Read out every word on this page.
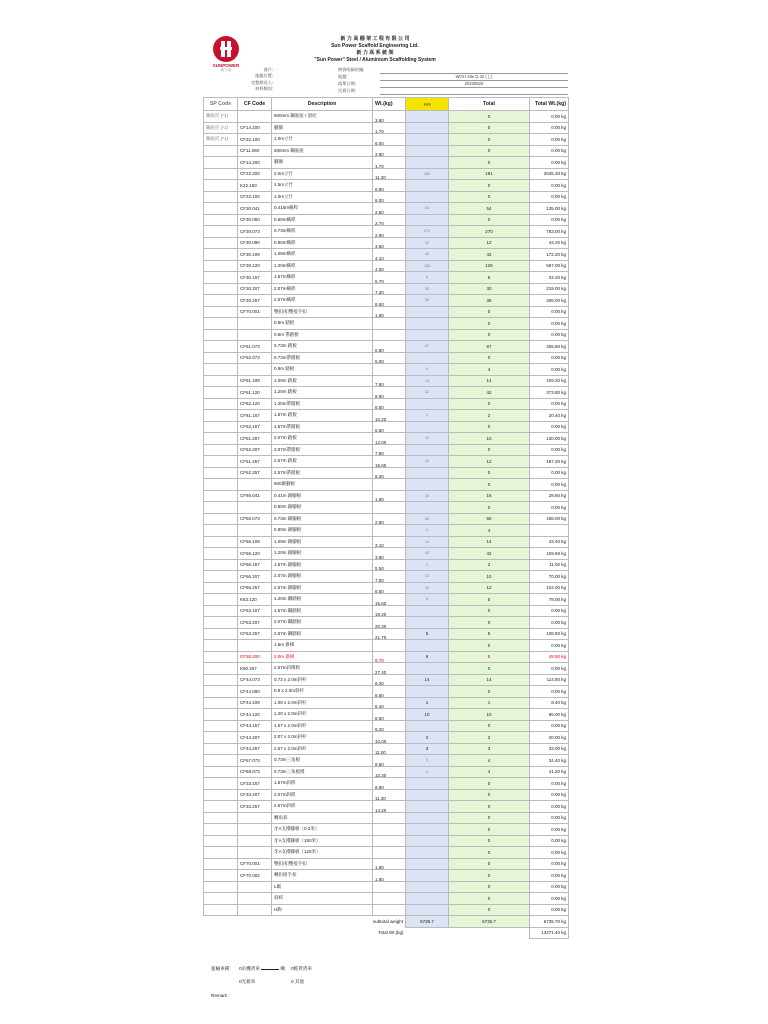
SUNPOWER
新力高
新 力 高 棚 架 工 程 有 限 公 司
Sun Power Scaffold Engineering Ltd.
新 力 高 系 統 架
"Sun Power" Steel / Aluminium Scaffolding System
客戶:
地盤位置:
完整期送入:
材料類別:
物資明細的編:
地盤:	WOH Site D 42 (上)
落單日期:	20230520
送貨日期:
SP Code	CF Code	Description	Wt.(kg)	???	Total	Total Wt.(kg)
鋼底托 (*1)		600mm 鋼底座 / 頂托	3.80		0	0.00 kg
鋼底托 (*1)	CF14.200	腳圈	1.70		0	0.00 kg
鋼底托 (*1)	CF22.100	1.0m立竹	6.00		0	0.00 kg
	CF11.060	600mm 鋼底座	3.80		0	0.00 kg
	CF14.200	腳圈	1.70		0	0.00 kg
	CF22.200	2.0m立竹	11.30	181	181	2045.30 kg
	K22.150	1.5m立竹	8.80		0	0.00 kg
	CF22.100	1.0m立竹	6.00		0	0.00 kg
	CF30.041	0.415m橫桿	2.50	54	54	135.00 kg
	CF30.060	0.60m橫桿	2.70		0	0.00 kg
	CF30.073	0.73m橫桿	2.90	270	270	783.00 kg
	CF30.090	0.90m橫桿	3.60	12	12	43.20 kg
	CF30.109	1.09m橫桿	4.10	42	42	172.20 kg
	CF30.120	1.20m橫桿	4.50	126	126	567.00 kg
	CF30.157	1.57m橫桿	5.70	6	6	34.20 kg
	CF30.207	2.07m橫桿	7.30	30	30	219.00 kg
	CF30.257	2.57m橫桿	8.50	36	36	306.00 kg
	CF70.001	雙扣/扣雙接手扣	1.80		0	0.00 kg
		0.6m 踏板			0	0.00 kg
		0.6m 帶踏板			0	0.00 kg
	CF61.073	0.73m 踏板	6.80	67	67	455.60 kg
	CF62.073	0.73m帶踏板	5.00		0	0.00 kg
		0.9m 踏板		4	4	0.00 kg
	CF61.109	1.09m 踏板	7.80	14	14	109.20 kg
	CF61.120	1.20m 踏板	8.90	42	42	373.80 kg
	CF62.120	1.20m帶踏板	8.50		0	0.00 kg
	CF61.157	1.57m 踏板	10.20	2	2	20.40 kg
	CF62.157	1.57m帶踏板	6.50		0	0.00 kg
	CF61.207	2.07m 踏板	13.00	10	10	130.00 kg
	CF62.207	2.07m帶踏板	7.90		0	0.00 kg
	CF61.257	2.57m 踏板	15.60	12	12	187.20 kg
	CF62.257	2.57m帶踏板	8.30		0	0.00 kg
		600踢腳板			0	0.00 kg
	CF66.041	0.41m 踢腳板	1.80	16	16	28.80 kg
		0.60m 踢腳板			0	0.00 kg
	CF66.073	0.73m 踢腳板	2.80	60	60	168.00 kg
		0.90m 踢腳板		4	4	
	CF66.109	1.09m 踢腳板	3.10	14	14	43.40 kg
	CF66.120	1.20m 踢腳板	3.80	42	42	159.60 kg
	CF66.157	1.57m 踢腳板	5.50	2	2	11.00 kg
	CF66.207	2.07m 踢腳板	7.00	10	10	70.00 kg
	CF66.257	2.57m 踢腳板	8.50	12	12	102.00 kg
	K63.120	1.20m 鋼踏板	15.60	5	5	78.00 kg
	CF63.157	1.57m 鋼踏板	19.20		0	0.00 kg
	CF63.207	2.07m 鋼踏板	20.30		0	0.00 kg
	CF63.257	2.57m 鋼踏板	21.70	5	5	108.50 kg
		1.6m 掛梯			0	0.00 kg
	CF58.200	2.0m 掛梯	9.70	5	5	48.50 kg
	K50.257	2.57m斜撐桿	27.40		0	0.00 kg
	CF44.073	0.73 x 2.0m斜杆	8.20	14	14	114.80 kg
	CF44.090	0.9 x 2.0m斜杆	8.60		0	0.00 kg
	CF44.109	1.09 x 2.0m斜杆	8.40	1	1	8.40 kg
	CF44.120	1.20 x 2.0m斜杆	8.50	10	10	85.00 kg
	CF44.157	1.57 x 2.0m斜杆	9.20		0	0.00 kg
	CF44.207	2.07 x 2.0m斜杆	10.00	2	2	20.00 kg
	CF44.257	2.57 x 2.0m斜杆	11.00	3	3	33.00 kg
	CF67.073	0.73m三角板	8.60	4	4	34.40 kg
	CF68.073	0.73m三角板撐	10.30	4	4	41.20 kg
	CF33.157	1.57m斜桿	8.80		0	0.00 kg
	CF33.207	2.07m斜桿	11.30		0	0.00 kg
	CF33.257	2.57m斜桿	14.20		0	0.00 kg
		轉角扣			0	0.00 kg
		牙A支撐腳板（0.3米）			0	0.00 kg
		牙A支撐腳板（150米）			0	0.00 kg
		牙A支撐腳板（120米）			0	0.00 kg
	CF70.001	雙扣/扣雙接手扣	1.80		0	0.00 kg
	CF70.002	轉扣接手扣	1.80		0	0.00 kg
		L碼			0	0.00 kg
		斜桿			0	0.00 kg
		H鉤			0	0.00 kg
		subtotal weight		6735.7	6735.7	6735.70 kg
		Total Wt.(kg)				13471.40 kg
運輸車種: 0吊機貨車	噸 0輕貨貨車
0光板車	0 其他
Remark :
